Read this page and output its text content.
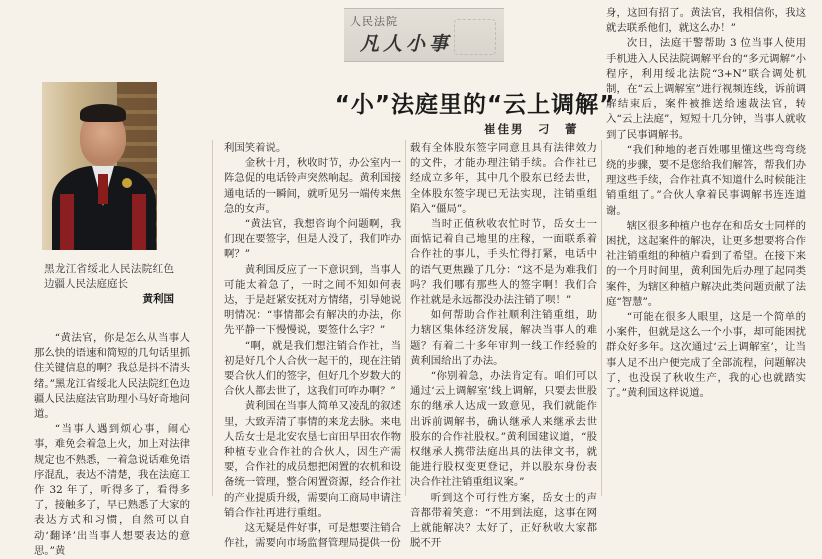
人民法院
凡人小事
“小”法庭里的“云上调解”
崔佳男　刁　蕾
黑龙江省绥北人民法院红色边疆人民法庭庭长
黄利国

“黄法官，你是怎么从当事人那么快的语速和简短的几句话里抓住关键信息的啊？我总是抖不清头绪。”黑龙江省绥北人民法院红色边疆人民法庭法官助理小马好奇地问道。

“当事人遇到烦心事，闹心事，难免会着急上火，加上对法律规定也不熟悉，一着急说话难免语序混乱，表达不清楚，我在法庭工作 32 年了，听得多了，看得多了，接触多了，早已熟悉了大家的表达方式和习惯，自然可以自动‘翻译’出当事人想要表达的意思。”黄

利国笑着说。

金秋十月，秋收时节，办公室内一阵急促的电话铃声突然响起。黄利国接通电话的一瞬间，就听见另一端传来焦急的女声。

“黄法官，我想咨询个问题啊，我们现在要签字，但是人没了，我们咋办啊？”

黄利国反应了一下意识到，当事人可能太着急了，一时之间不知如何表达，于是赶紧安抚对方情绪，引导她说明情况：“事情都会有解决的办法，你先平静一下慢慢说，要签什么字？”

“啊，就是我们想注销合作社，当初是好几个人合伙一起干的，现在注销要合伙人们的签字，但好几个岁数大的合伙人都去世了，这我们可咋办啊？”

黄利国在当事人简单又凌乱的叙述里，大致弄清了事情的来龙去脉。来电人岳女士是北安农垦七亩田早田农作物种植专业合作社的合伙人，因生产需要，合作社的成员想把闲置的农机和设备统一管理，整合闲置资源，经合作社的产业提质升级，需要向工商局申请注销合作社再进行重组。

这无疑是件好事，可是想要注销合作社，需要向市场监督管理局提供一份

载有全体股东签字同意且具有法律效力的文件，才能办理注销手续。合作社已经成立多年，其中几个股东已经去世，全体股东签字现已无法实现，注销重组陷入“僵局”。

当时正值秋收农忙时节，岳女士一面惦记着自己地里的庄稼，一面联系着合作社的事儿，手头忙得打紧，电话中的语气更焦躁了几分：“这不是为难我们吗？我们哪有那些人的签字啊！我们合作社就是永远都没办法注销了呗！”

如何帮助合作社顺利注销重组，助力辖区集体经济发展，解决当事人的难题？有着二十多年审判一线工作经验的黄利国给出了办法。

“你别着急，办法肯定有。咱们可以通过‘云上调解室’线上调解，只要去世股东的继承人达成一致意见，我们就能作出诉前调解书，确认继承人来继承去世股东的合作社股权。”黄利国建议道，“股权继承人携带法庭出具的法律文书，就能进行股权变更登记，并以股东身份表决合作社注销重组议案。”

听到这个可行性方案，岳女士的声音都带着笑意：“不用到法庭，这事在网上就能解决？太好了，正好秋收大家都脱不开

身，这回有招了。黄法官，我相信你，我这就去联系他们，就这么办！”

次日，法庭干警帮助 3 位当事人使用手机进入人民法院调解平台的“多元调解”小程序，利用绥北法院“3+N”联合调处机制，在“云上调解室”进行视频连线，诉前调解结束后，案件被推送给速裁法官，转入“云上法庭”，短短十几分钟，当事人就收到了民事调解书。

“我们种地的老百姓哪里懂这些弯弯绕绕的步骤，要不是您给我们解答，帮我们办理这些手续，合作社真不知道什么时候能注销重组了。”合伙人拿着民事调解书连连道谢。

辖区很多种植户也存在和岳女士同样的困扰，这起案件的解决，让更多想要将合作社注销重组的种植户看到了希望。在接下来的一个月时间里，黄利国先后办理了起同类案件，为辖区种植户解决此类问题贡献了法庭“智慧”。

“可能在很多人眼里，这是一个简单的小案件，但就是这么一个小事，却可能困扰群众好多年。这次通过‘云上调解室’，让当事人足不出户便完成了全部流程，问题解决了，也没误了秋收生产，我的心也就踏实了。”黄利国这样说道。
